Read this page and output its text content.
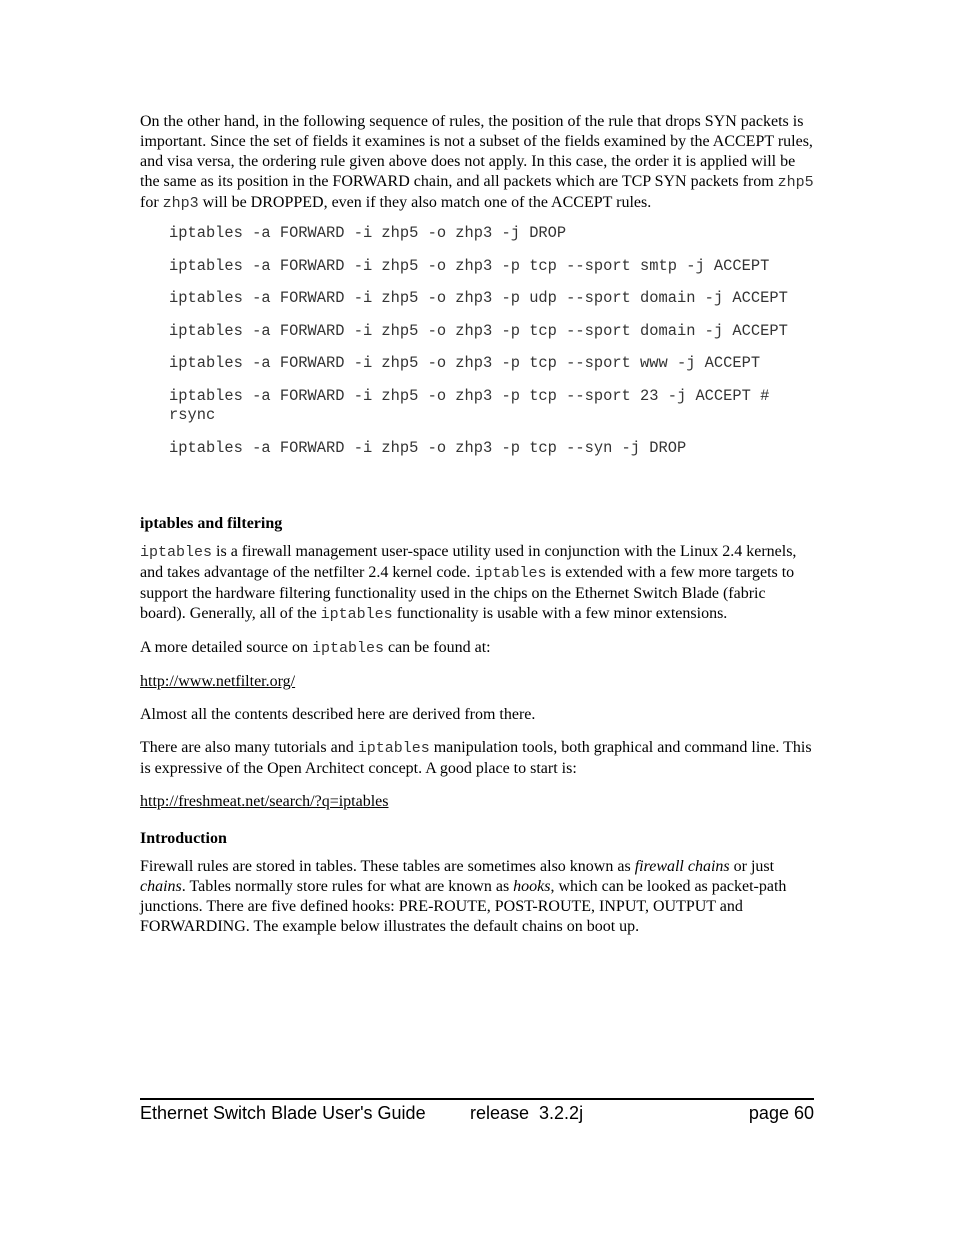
On the other hand, in the following sequence of rules, the position of the rule that drops SYN packets is important. Since the set of fields it examines is not a subset of the fields examined by the ACCEPT rules, and visa versa, the ordering rule given above does not apply. In this case, the order it is applied will be the same as its position in the FORWARD chain, and all packets which are TCP SYN packets from zhp5 for zhp3 will be DROPPED, even if they also match one of the ACCEPT rules.

iptables -a FORWARD -i zhp5 -o zhp3 -j DROP
iptables -a FORWARD -i zhp5 -o zhp3 -p tcp --sport smtp -j ACCEPT
iptables -a FORWARD -i zhp5 -o zhp3 -p udp --sport domain -j ACCEPT
iptables -a FORWARD -i zhp5 -o zhp3 -p tcp --sport domain -j ACCEPT
iptables -a FORWARD -i zhp5 -o zhp3 -p tcp --sport www -j ACCEPT
iptables -a FORWARD -i zhp5 -o zhp3 -p tcp --sport 23 -j ACCEPT # rsync
iptables -a FORWARD -i zhp5 -o zhp3 -p tcp --syn -j DROP
iptables and filtering

iptables is a firewall management user-space utility used in conjunction with the Linux 2.4 kernels, and takes advantage of the netfilter 2.4 kernel code. iptables is extended with a few more targets to support the hardware filtering functionality used in the chips on the Ethernet Switch Blade (fabric board). Generally, all of the iptables functionality is usable with a few minor extensions.

A more detailed source on iptables can be found at:

http://www.netfilter.org/

Almost all the contents described here are derived from there.

There are also many tutorials and iptables manipulation tools, both graphical and command line. This is expressive of the Open Architect concept. A good place to start is:

http://freshmeat.net/search/?q=iptables
Introduction

Firewall rules are stored in tables. These tables are sometimes also known as firewall chains or just chains. Tables normally store rules for what are known as hooks, which can be looked as packet-path junctions. There are five defined hooks: PRE-ROUTE, POST-ROUTE, INPUT, OUTPUT and FORWARDING. The example below illustrates the default chains on boot up.

Ethernet Switch Blade User's Guide release  3.2.2j	page 60
